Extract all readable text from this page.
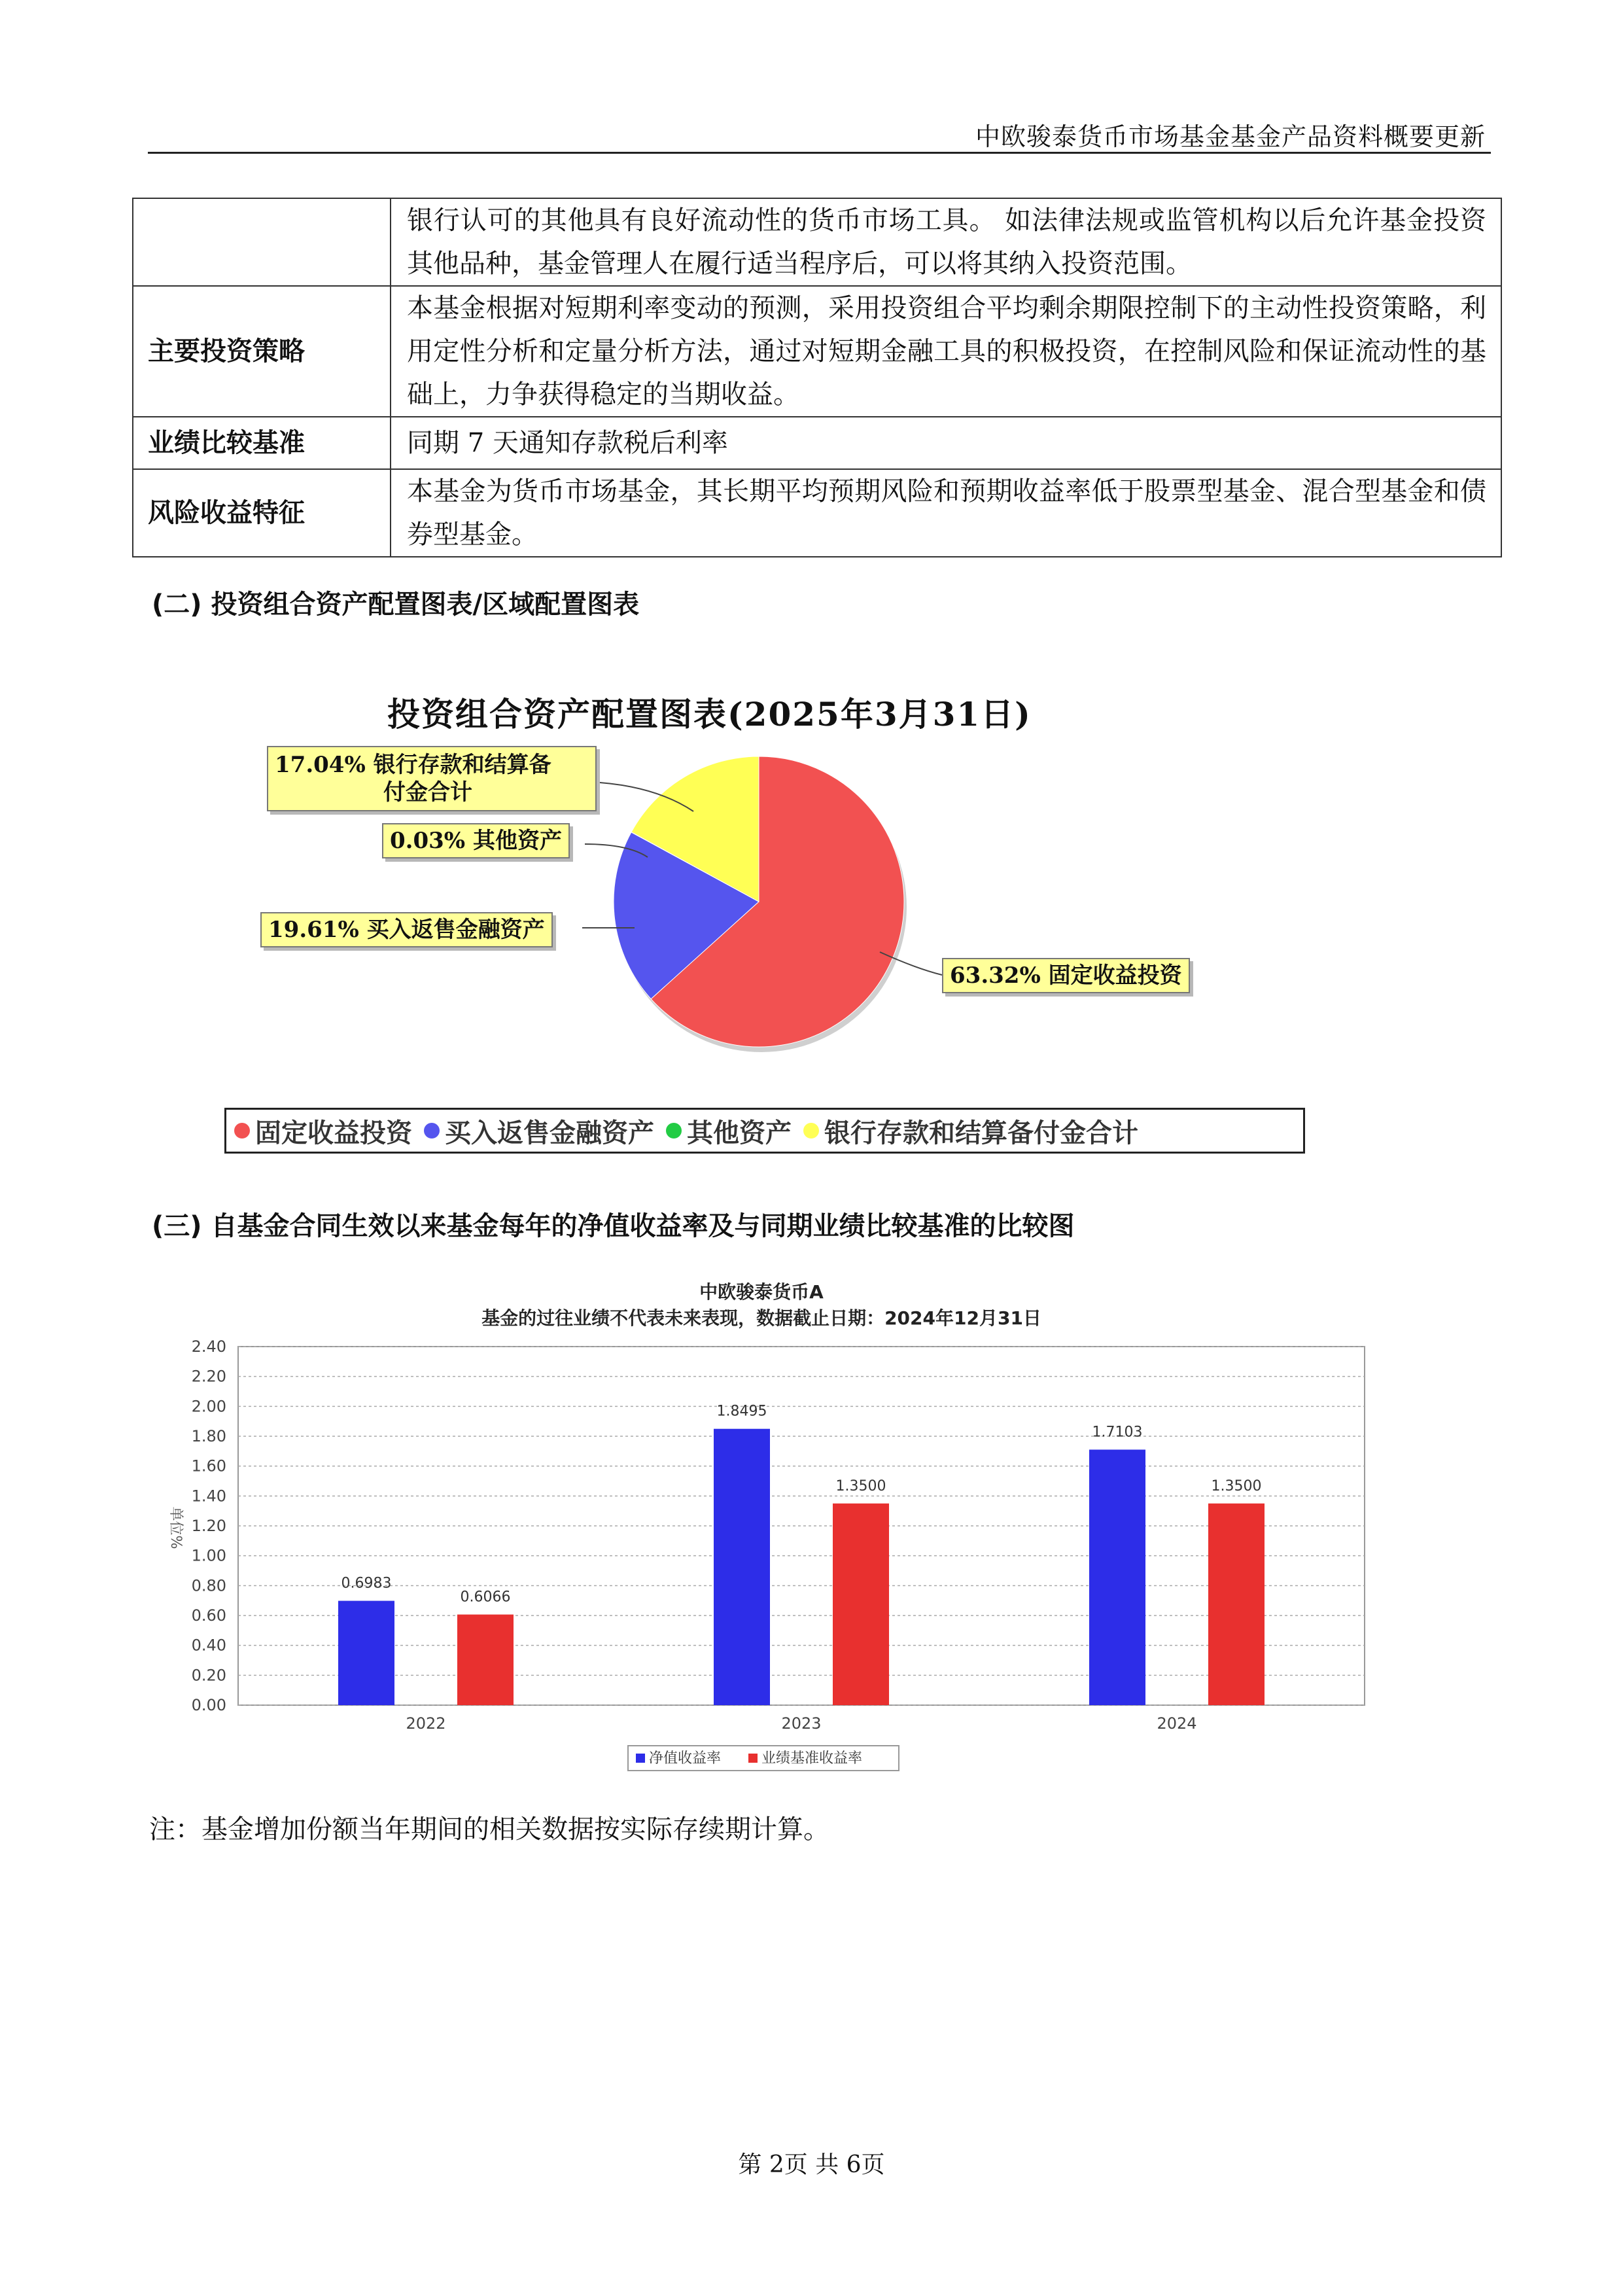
中欧骏泰货币市场基金基金产品资料概要更新
	银行认可的其他具有良好流动性的货币市场工具。 如法律法规或监管机构以后允许基金投资其他品种，基金管理人在履行适当程序后，可以将其纳入投资范围。
主要投资策略	本基金根据对短期利率变动的预测，采用投资组合平均剩余期限控制下的主动性投资策略，利用定性分析和定量分析方法，通过对短期金融工具的积极投资，在控制风险和保证流动性的基础上，力争获得稳定的当期收益。
业绩比较基准	同期 7 天通知存款税后利率
风险收益特征	本基金为货币市场基金，其长期平均预期风险和预期收益率低于股票型基金、混合型基金和债券型基金。
(二) 投资组合资产配置图表/区域配置图表
投资组合资产配置图表(2025年3月31日)
17.04% 银行存款和结算备
付金合计
0.03% 其他资产
19.61% 买入返售金融资产
63.32% 固定收益投资
固定收益投资 买入返售金融资产 其他资产 银行存款和结算备付金合计
(三) 自基金合同生效以来基金每年的净值收益率及与同期业绩比较基准的比较图
中欧骏泰货币A
基金的过往业绩不代表未来表现，数据截止日期：2024年12月31日
0.00
0.20
0.40
0.60
0.80
1.00
1.20
1.40
1.60
1.80
2.00
2.20
2.40
2022	2023	2024
0.6983
0.6066
1.8495
1.3500
1.7103
1.3500
单位%
净值收益率	业绩基准收益率
注：基金增加份额当年期间的相关数据按实际存续期计算。
第 2页 共 6页
